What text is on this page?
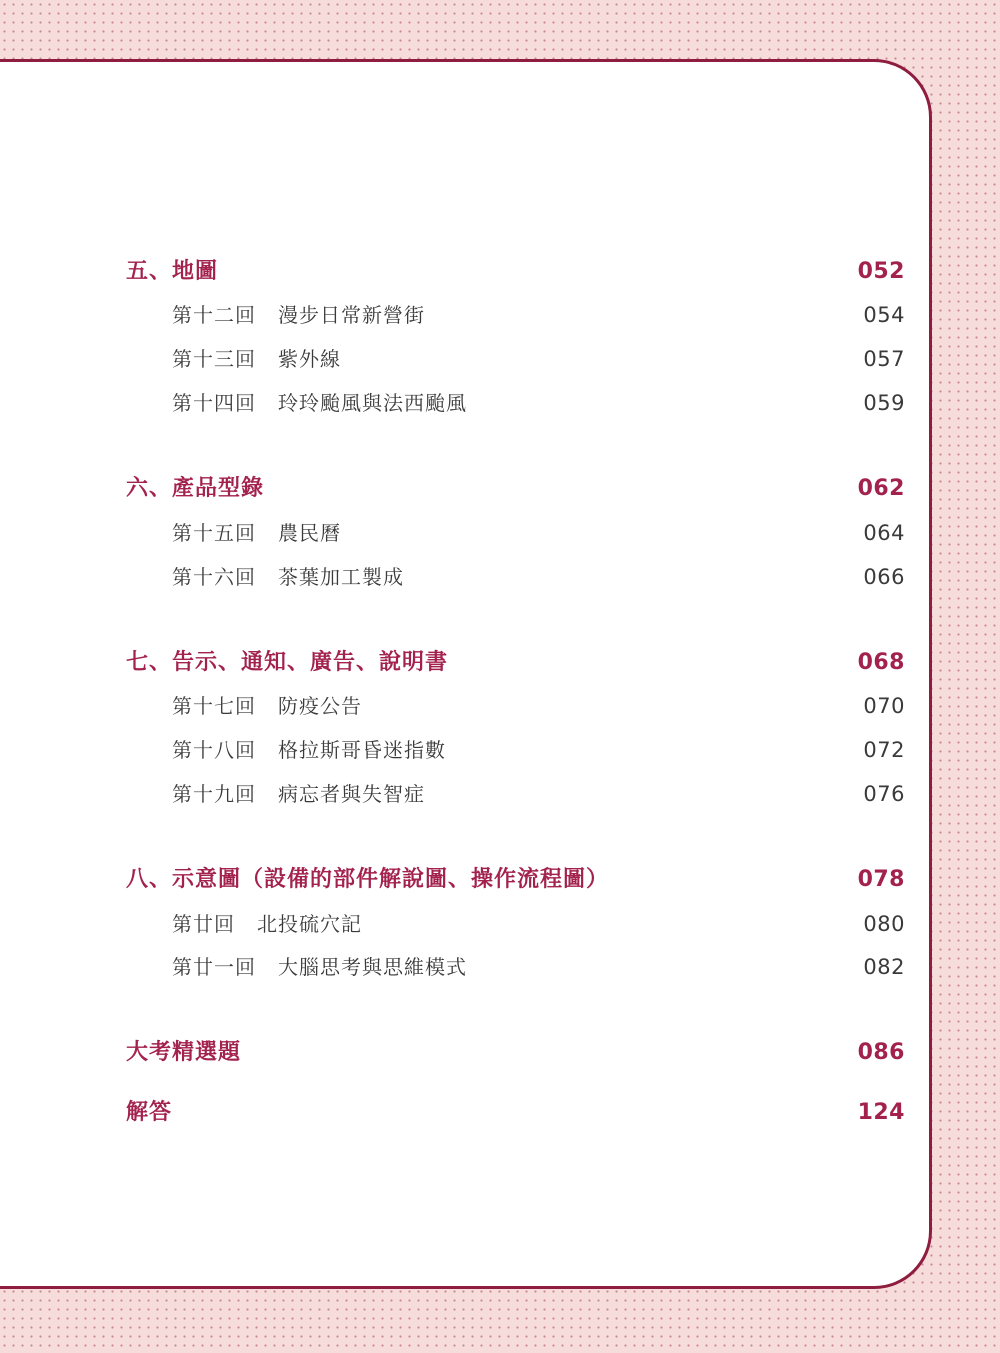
五、地圖	052
第十二回 漫步日常新營街	054
第十三回 紫外線	057
第十四回 玲玲颱風與法西颱風	059
六、產品型錄	062
第十五回 農民曆	064
第十六回 茶葉加工製成	066
七、告示、通知、廣告、說明書	068
第十七回 防疫公告	070
第十八回 格拉斯哥昏迷指數	072
第十九回 病忘者與失智症	076
八、示意圖（設備的部件解說圖、操作流程圖）	078
第廿回 北投硫穴記	080
第廿一回 大腦思考與思維模式	082
大考精選題	086
解答	124
